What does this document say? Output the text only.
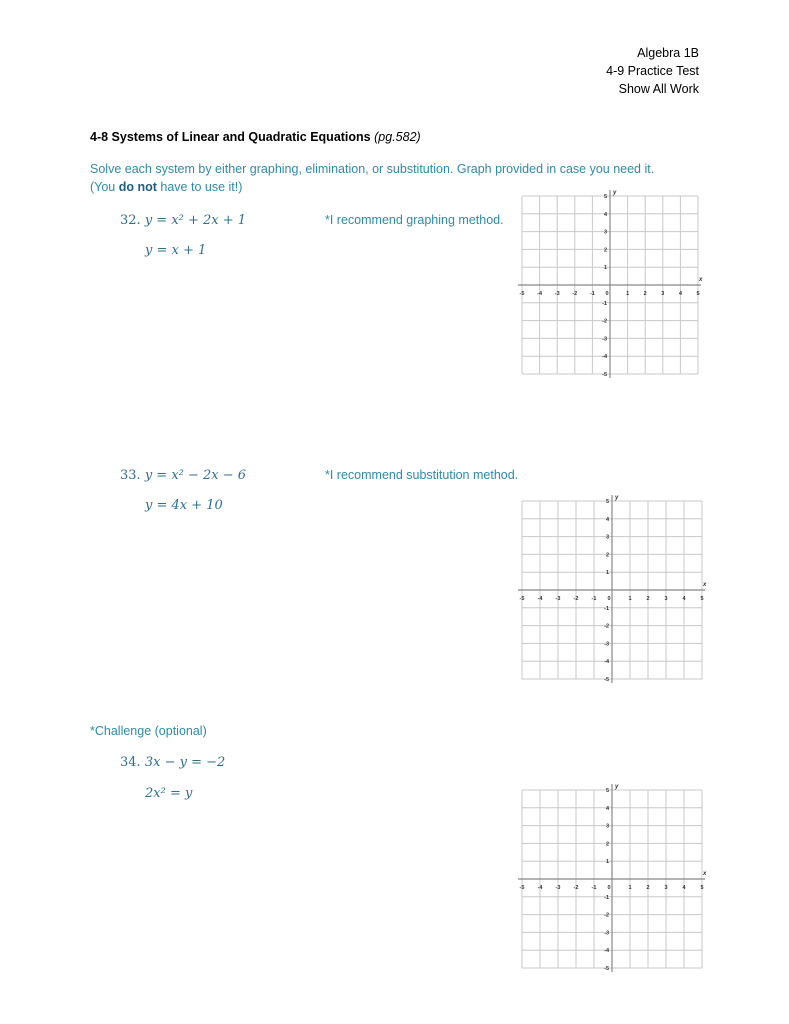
Algebra 1B
4-9 Practice Test
Show All Work
4-8 Systems of Linear and Quadratic Equations (pg.582)
Solve each system by either graphing, elimination, or substitution. Graph provided in case you need it.
(You do not have to use it!)
32. y = x² + 2x + 1
y = x + 1
*I recommend graphing method.
33. y = x² − 2x − 6
y = 4x + 10
*I recommend substitution method.
*Challenge (optional)
34. 3x − y = −2
2x² = y
-5 -4 -3 -2 -1 0	1	2	3	4	5
5
4
3
2
1
-1
-2
-3
-4
-5
x
y
-5 -4 -3 -2 -1 0	1	2	3	4	5
5
4
3
2
1
-1
-2
-3
-4
-5
x
y
-5 -4 -3 -2 -1 0	1	2	3	4	5
5
4
3
2
1
-1
-2
-3
-4
-5
x
y
